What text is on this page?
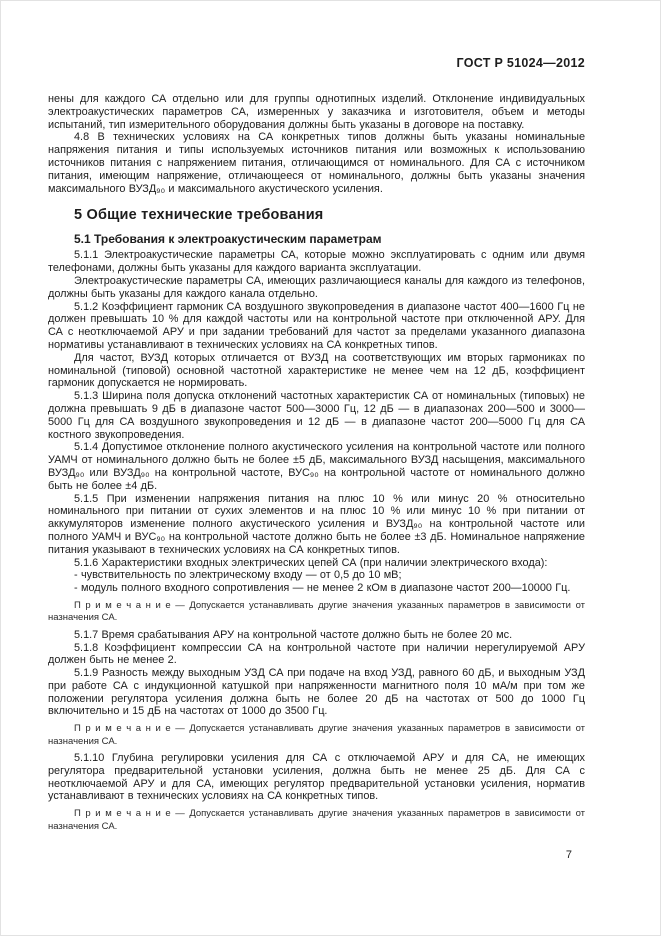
ГОСТ Р 51024—2012

нены для каждого СА отдельно или для группы однотипных изделий. Отклонение индивидуальных электроакустических параметров СА, измеренных у заказчика и изготовителя, объем и методы испытаний, тип измерительного оборудования должны быть указаны в договоре на поставку.

4.8 В технических условиях на СА конкретных типов должны быть указаны номинальные напряжения питания и типы используемых источников питания или возможных к использованию источников питания с напряжением питания, отличающимся от номинального. Для СА с источником питания, имеющим напряжение, отличающееся от номинального, должны быть указаны значения максимального ВУЗД₉₀ и максимального акустического усиления.

5 Общие технические требования
5.1 Требования к электроакустическим параметрам

5.1.1 Электроакустические параметры СА, которые можно эксплуатировать с одним или двумя телефонами, должны быть указаны для каждого варианта эксплуатации.

Электроакустические параметры СА, имеющих различающиеся каналы для каждого из телефонов, должны быть указаны для каждого канала отдельно.

5.1.2 Коэффициент гармоник СА воздушного звукопроведения в диапазоне частот 400—1600 Гц не должен превышать 10 % для каждой частоты или на контрольной частоте при отключенной АРУ. Для СА с неотключаемой АРУ и при задании требований для частот за пределами указанного диапазона нормативы устанавливают в технических условиях на СА конкретных типов.

Для частот, ВУЗД которых отличается от ВУЗД на соответствующих им вторых гармониках по номинальной (типовой) основной частотной характеристике не менее чем на 12 дБ, коэффициент гармоник допускается не нормировать.

5.1.3 Ширина поля допуска отклонений частотных характеристик СА от номинальных (типовых) не должна превышать 9 дБ в диапазоне частот 500—3000 Гц, 12 дБ — в диапазонах 200—500 и 3000—5000 Гц для СА воздушного звукопроведения и 12 дБ — в диапазоне частот 200—5000 Гц для СА костного звукопроведения.

5.1.4 Допустимое отклонение полного акустического усиления на контрольной частоте или полного УАМЧ от номинального должно быть не более ±5 дБ, максимального ВУЗД насыщения, максимального ВУЗД₉₀ или ВУЗД₉₀ на контрольной частоте, ВУС₉₀ на контрольной частоте от номинального должно быть не более ±4 дБ.

5.1.5 При изменении напряжения питания на плюс 10 % или минус 20 % относительно номинального при питании от сухих элементов и на плюс 10 % или минус 10 % при питании от аккумуляторов изменение полного акустического усиления и ВУЗД₉₀ на контрольной частоте или полного УАМЧ и ВУС₉₀ на контрольной частоте должно быть не более ±3 дБ. Номинальное напряжение питания указывают в технических условиях на СА конкретных типов.

5.1.6 Характеристики входных электрических цепей СА (при наличии электрического входа):

- чувствительность по электрическому входу — от 0,5 до 10 мВ;

- модуль полного входного сопротивления — не менее 2 кОм в диапазоне частот 200—10000 Гц.

П р и м е ч а н и е — Допускается устанавливать другие значения указанных параметров в зависимости от назначения СА.

5.1.7 Время срабатывания АРУ на контрольной частоте должно быть не более 20 мс.

5.1.8 Коэффициент компрессии СА на контрольной частоте при наличии нерегулируемой АРУ должен быть не менее 2.

5.1.9 Разность между выходным УЗД СА при подаче на вход УЗД, равного 60 дБ, и выходным УЗД при работе СА с индукционной катушкой при напряженности магнитного поля 10 мА/м при том же положении регулятора усиления должна быть не более 20 дБ на частотах от 500 до 1000 Гц включительно и 15 дБ на частотах от 1000 до 3500 Гц.

П р и м е ч а н и е — Допускается устанавливать другие значения указанных параметров в зависимости от назначения СА.

5.1.10 Глубина регулировки усиления для СА с отключаемой АРУ и для СА, не имеющих регулятора предварительной установки усиления, должна быть не менее 25 дБ. Для СА с неотключаемой АРУ и для СА, имеющих регулятор предварительной установки усиления, норматив устанавливают в технических условиях на СА конкретных типов.

П р и м е ч а н и е — Допускается устанавливать другие значения указанных параметров в зависимости от назначения СА.

7
